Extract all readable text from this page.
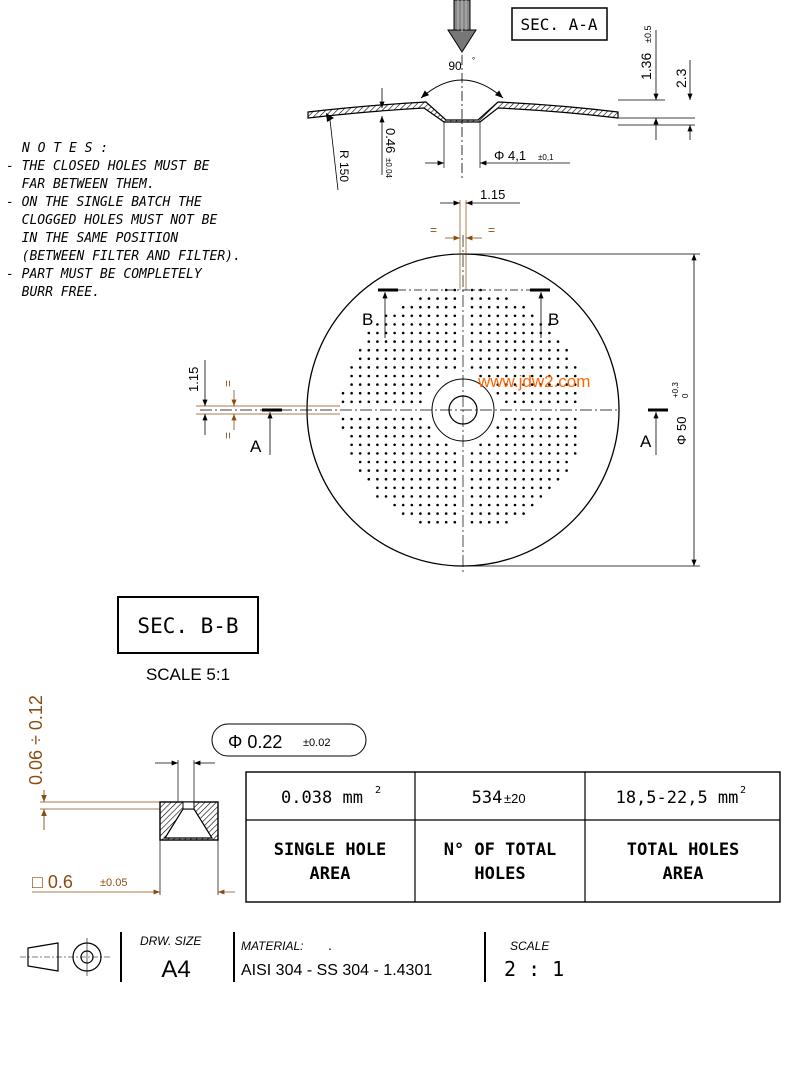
SEC. A-A
90 °	1.36
±0.5
2.3
0.46
±0.04
R 150	Φ 4,1 ±0,1
N O T E S :
- THE CLOSED HOLES MUST BE
FAR BETWEEN THEM.
- ON THE SINGLE BATCH THE
CLOGGED HOLES MUST NOT BE
IN THE SAME POSITION
(BETWEEN FILTER AND FILTER).
- PART MUST BE COMPLETELY
BURR FREE.
1.15
=	=
B	B
A	A
1.15 =
=	Φ 50
+0,3 0
www.jdw2.com
SEC. B-B
SCALE 5:1
0.06 ÷ 0.12	Φ 0.22 ±0.02
□ 0.6 ±0.05
0.038 mm 2	534 ±20	18,5-22,5 mm 2
SINGLE HOLE
AREA
N° OF TOTAL
HOLES
TOTAL HOLES
AREA
DRW. SIZE
A4
MATERIAL: .
AISI 304 - SS 304 - 1.4301
SCALE
2 : 1
